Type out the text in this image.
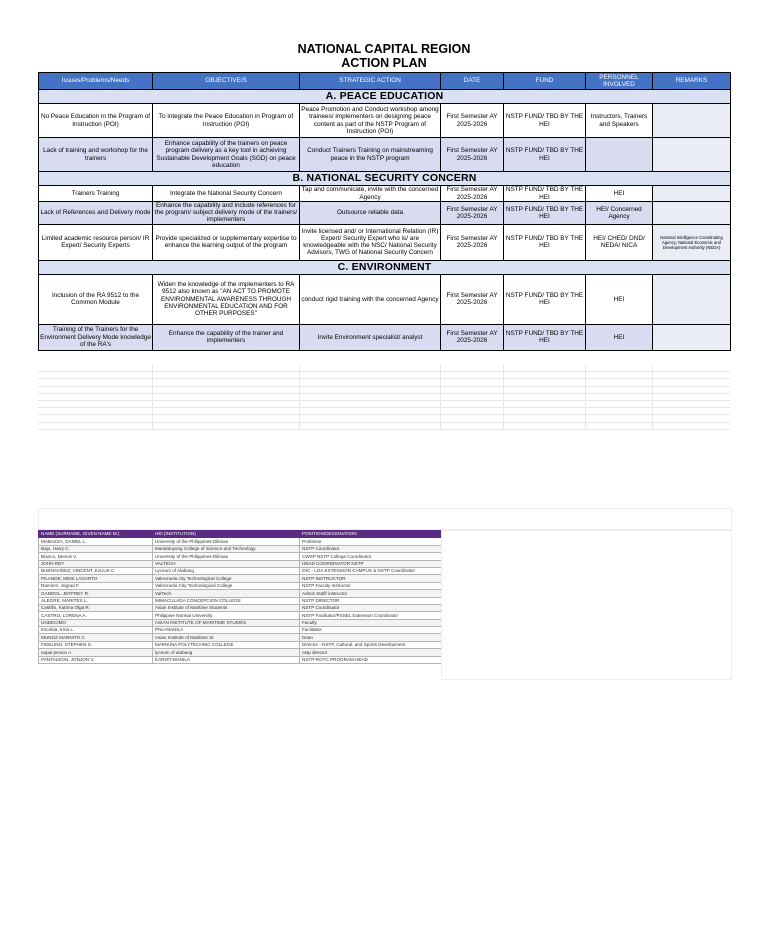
NATIONAL CAPITAL REGION
ACTION PLAN
Issues/Problems/Needs	OBJECTIVE/S	STRATEGIC ACTION	DATE	FUND	PERSONNEL INVOLVED	REMARKS
A. PEACE EDUCATION						
No Peace Education in the Program of Instruction (POI)	To integrate the Peace Education in Program of Instruction (POI)	Peace Promotion and Conduct workshop among trainees/ implementers on designing peace content as part of the NSTP Program of Instruction (POI)	First Semester AY 2025-2026	NSTP FUND/ TBD BY THE HEI	Instructors, Trainers and Speakers	
Lack of training and workshop for the trainers	Enhance capability of the trainers on peace program delivery as a key tool in achieving Sustainable Development Goals (SGD) on peace education	Conduct Trainers Training on mainstreaming peace in the NSTP program	First Semester AY 2025-2026	NSTP FUND/ TBD BY THE HEI		
B. NATIONAL SECURITY CONCERN						
Trainers Training	Integrate the National Security Concern	Tap and communicate, invite with the concerned Agency	First Semester AY 2025-2026	NSTP FUND/ TBD BY THE HEI	HEI	
Lack of References and Delivery mode	Enhance the capability and include references for the program/ subject delivery mode of the trainers/ implementers	Outsource reliable data	First Semester AY 2025-2026	NSTP FUND/ TBD BY THE HEI	HEI/ Concerned Agency	
Limited academic resource person/ IR Expert/ Security Experts	Provide specialized or supplementary expertise to enhance the learning output of the program	Invite licensed and/ or International Relation (IR) Expert/ Security Expert who is/ are knowledgeable with the NSC/ National Security Advisors, TWG of National Security Concern	First Semester AY 2025-2026	NSTP FUND/ TBD BY THE HEI	HEI/ CHED/ DND/ NEDA/ NICA	National Intelligence Coordinating Agency, National Economic and Development Authority (NEDA)
C. ENVIRONMENT						
Inclusion of the RA 9512 to the Common Module	Widen the knowledge of the implementers to RA 9512 also known as "AN ACT TO PROMOTE ENVIRONMENTAL AWARENESS THROUGH ENVIRONMENTAL EDUCATION AND FOR OTHER PURPOSES"	conduct rigid training with the concerned Agency	First Semester AY 2025-2026	NSTP FUND/ TBD BY THE HEI	HEI	
Training of the Trainers for the Environment Delivery Mode knowledge of the RA's	Enhance the capability of the trainer and implementers	Invite Environment specialist/ analyst	First Semester AY 2025-2026	NSTP FUND/ TBD BY THE HEI	HEI	
NAME (SURNAME, GIVEN NAME M.)	HEI (INSTITUTION)	POSITION/DESIGNATION
MABAZZA, DANIEL L.	University of the Philippines-Diliman	Professor
Bajo, Harry C.	Mandaluyong College of Science and Technology	NSTP Coordinator
Bianco, Dennis V.	University of the Philippines-Diliman	CWSP NSTP College Coordinator
JOHN REY	VALTECH	HEAD COORDINATOR NSTP
BUENAVIDEZ, VINCENT JULIUS C.	Lyceum of Alabang	OIC - LOA EXTENSION CAMPUS & NSTP Coordinator
PILANDE, MIKE LAGARTO	Valenzuela city Technological College	NSTP INSTRUCTOR
Ramirez, Jograd F.	Valenzuela City Technological College	NSTP Faculty Instructor
GANDOL, JEFFREY R.	ValTech	Admin Staff/ instructor
ALEGRE, MARITES L.	IMMACULADA CONCEPCION COLLEGE	NSTP DIRECTOR
Castillo, Katrina Olga R.	Asian Institute of Maritime Students	NSTP Coordinator
CASTRO, LORENA A.	Philippine Normal University	NSTP Facilitator/PSSEL Extension Coordinator
UNDECIMO	ASIAN INSTITUTE OF MARITIME STUDIES	Faculty
Escobia, Irma L.	PNU-MANILA	Facilitator
MUNOZ MARNITO C	Asian Institute of Maritime St	Dean
FIDELINO, STEPHEN S.	MARIKINA POLYTECHNIC COLLEGE	Director - NSTP, Cultural, and Sports Development
napal jenson n	lyceum of alabang	nstp director
PANTALEON, JONJON V.	EARIST-MANILA	NSTP-ROTC PROGRAM HEAD
